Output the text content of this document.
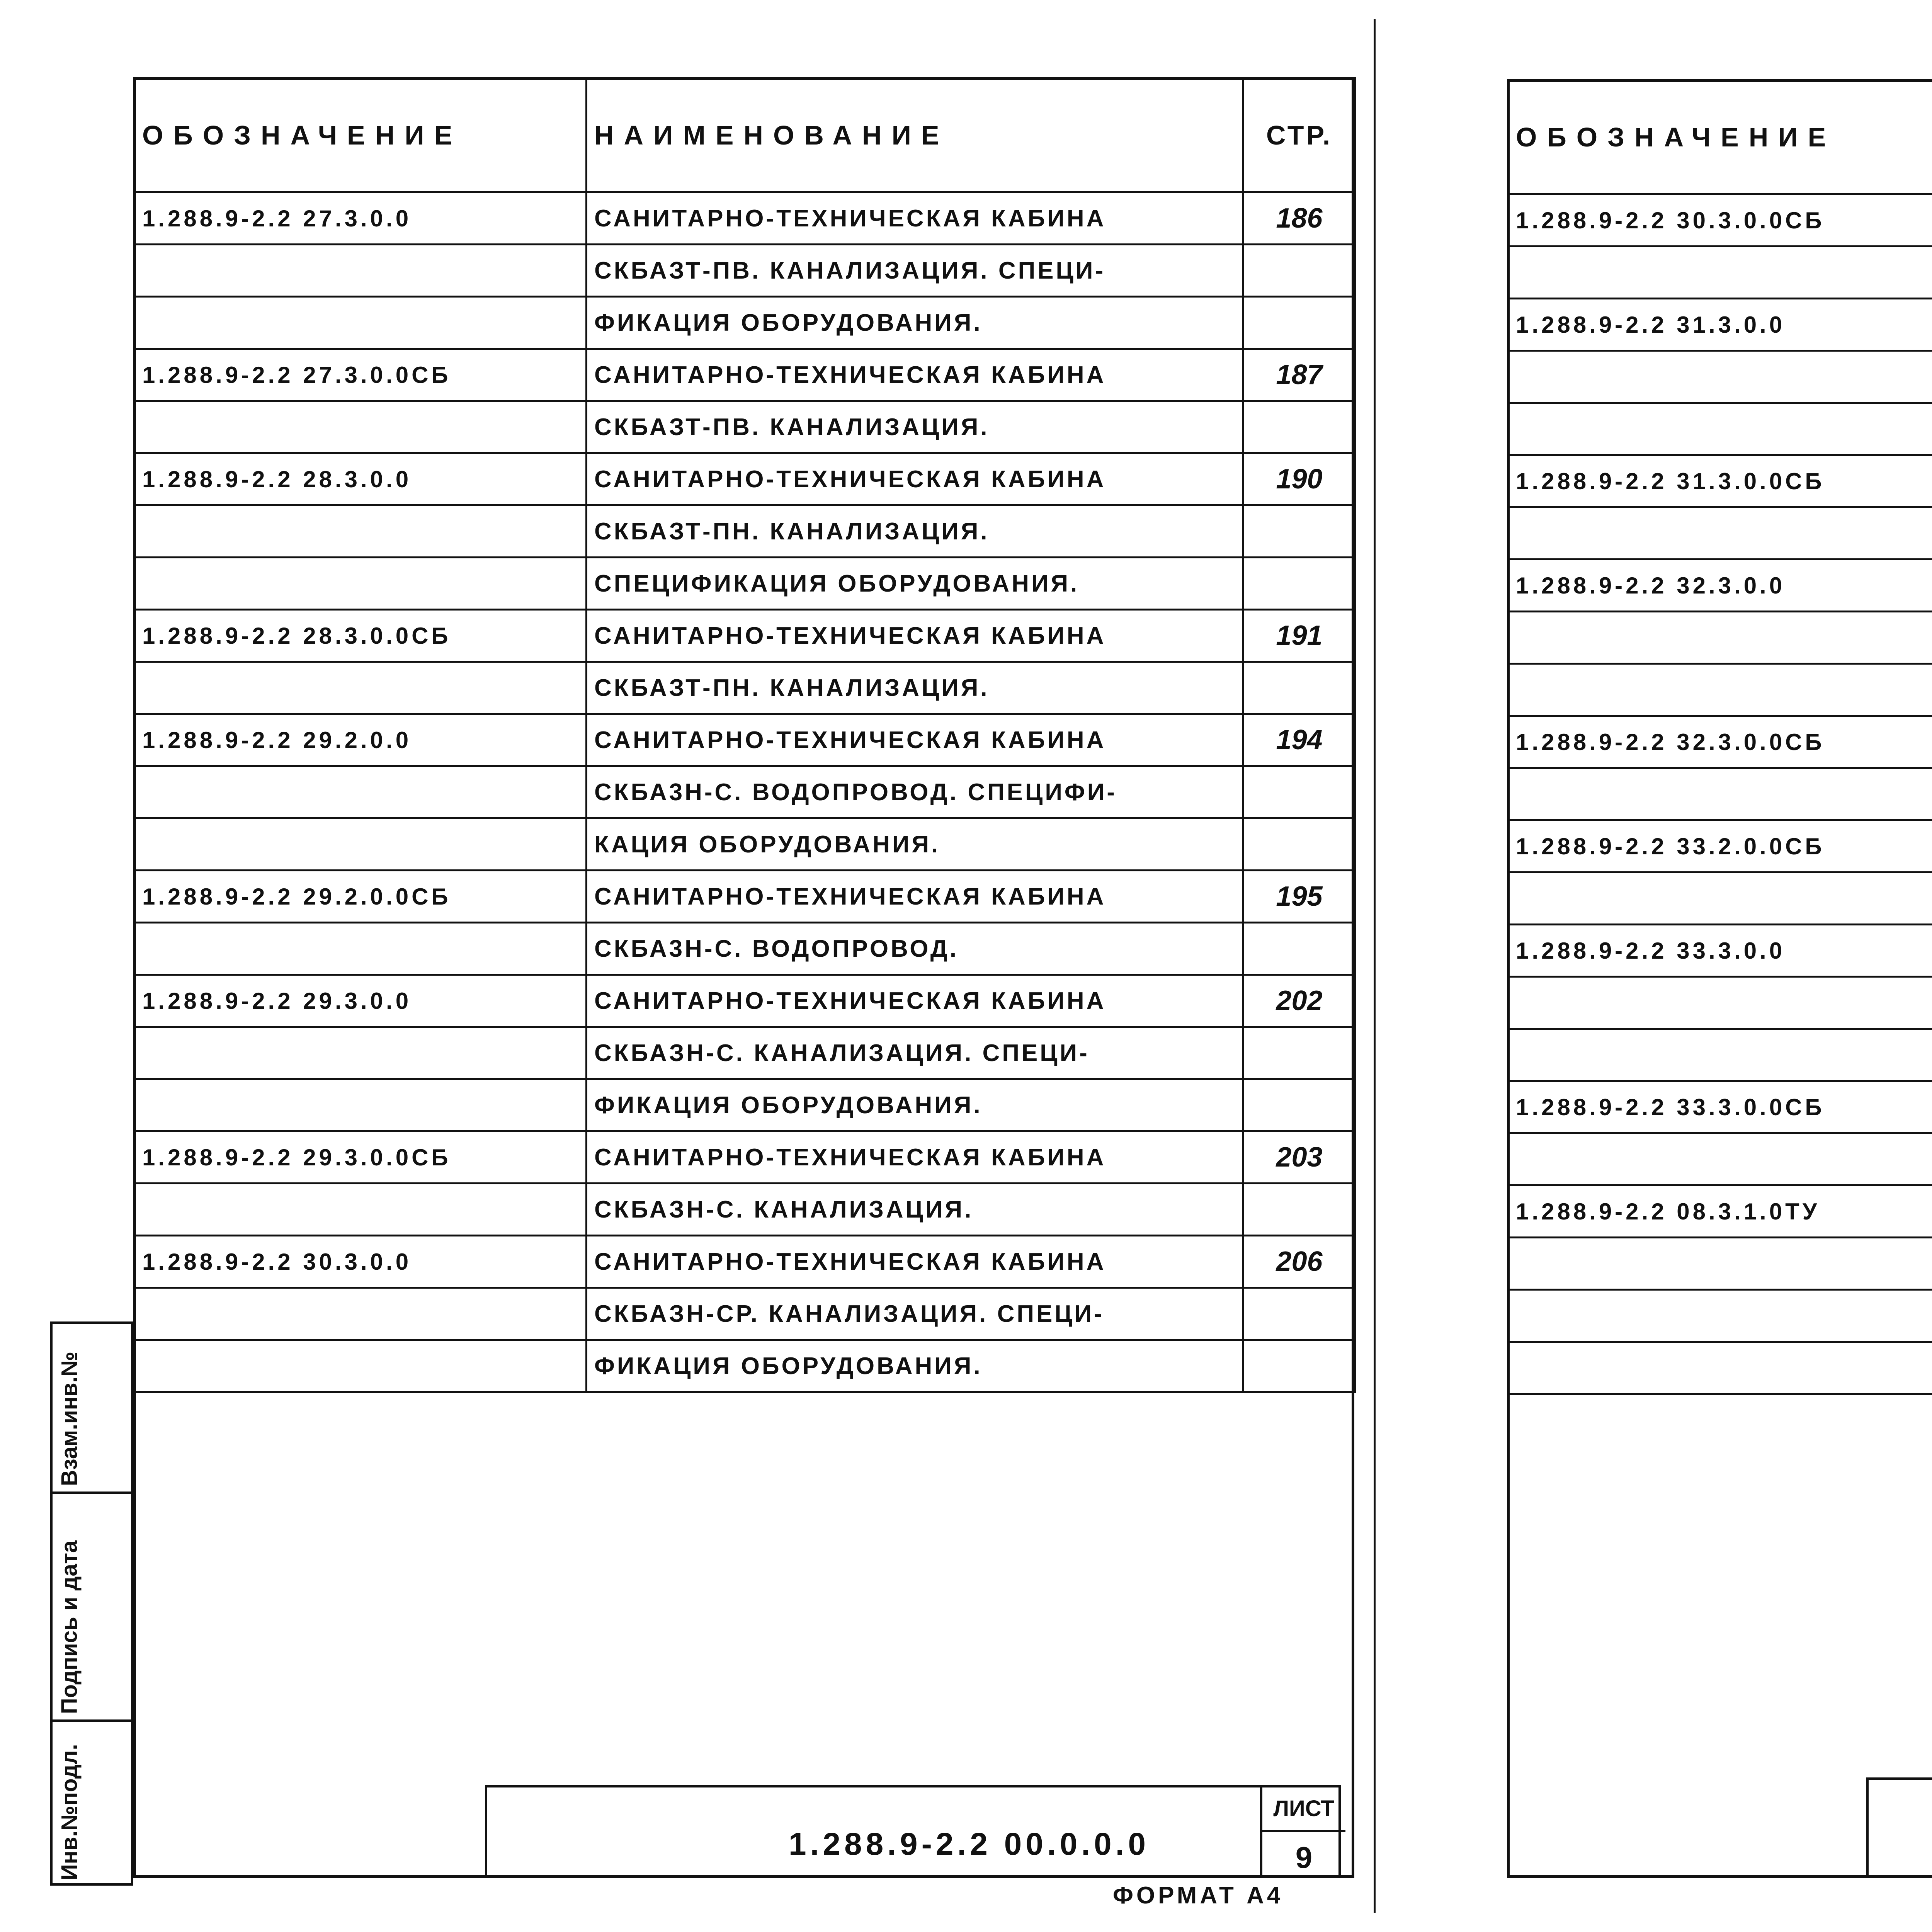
ОБОЗНАЧЕНИЕ	НАИМЕНОВАНИЕ	СТР.
1.288.9-2.2 27.3.0.0	САНИТАРНО-ТЕХНИЧЕСКАЯ КАБИНА	186
	СКБАЗТ-ПВ. КАНАЛИЗАЦИЯ. СПЕЦИ-	
	ФИКАЦИЯ ОБОРУДОВАНИЯ.	
1.288.9-2.2 27.3.0.0СБ	САНИТАРНО-ТЕХНИЧЕСКАЯ КАБИНА	187
	СКБАЗТ-ПВ. КАНАЛИЗАЦИЯ.	
1.288.9-2.2 28.3.0.0	САНИТАРНО-ТЕХНИЧЕСКАЯ КАБИНА	190
	СКБАЗТ-ПН. КАНАЛИЗАЦИЯ.	
	СПЕЦИФИКАЦИЯ ОБОРУДОВАНИЯ.	
1.288.9-2.2 28.3.0.0СБ	САНИТАРНО-ТЕХНИЧЕСКАЯ КАБИНА	191
	СКБАЗТ-ПН. КАНАЛИЗАЦИЯ.	
1.288.9-2.2 29.2.0.0	САНИТАРНО-ТЕХНИЧЕСКАЯ КАБИНА	194
	СКБА3Н-С. ВОДОПРОВОД. СПЕЦИФИ-	
	КАЦИЯ ОБОРУДОВАНИЯ.	
1.288.9-2.2 29.2.0.0СБ	САНИТАРНО-ТЕХНИЧЕСКАЯ КАБИНА	195
	СКБА3Н-С. ВОДОПРОВОД.	
1.288.9-2.2 29.3.0.0	САНИТАРНО-ТЕХНИЧЕСКАЯ КАБИНА	202
	СКБАЗН-С. КАНАЛИЗАЦИЯ. СПЕЦИ-	
	ФИКАЦИЯ ОБОРУДОВАНИЯ.	
1.288.9-2.2 29.3.0.0СБ	САНИТАРНО-ТЕХНИЧЕСКАЯ КАБИНА	203
	СКБАЗН-С. КАНАЛИЗАЦИЯ.	
1.288.9-2.2 30.3.0.0	САНИТАРНО-ТЕХНИЧЕСКАЯ КАБИНА	206
	СКБАЗН-СР. КАНАЛИЗАЦИЯ. СПЕЦИ-	
	ФИКАЦИЯ ОБОРУДОВАНИЯ.	
1.288.9-2.2 00.0.0.0
ЛИСТ
9
ФОРМАТ А4
Взам.инв.№
Подпись и дата
Инв.№подл.
ОБОЗНАЧЕНИЕ		
1.288.9-2.2 30.3.0.0СБ		

1.288.9-2.2 31.3.0.0		

1.288.9-2.2 31.3.0.0СБ		

1.288.9-2.2 32.3.0.0		

1.288.9-2.2 32.3.0.0СБ		

1.288.9-2.2 33.2.0.0СБ		

1.288.9-2.2 33.3.0.0		

1.288.9-2.2 33.3.0.0СБ		

1.288.9-2.2 08.3.1.0ТУ		
